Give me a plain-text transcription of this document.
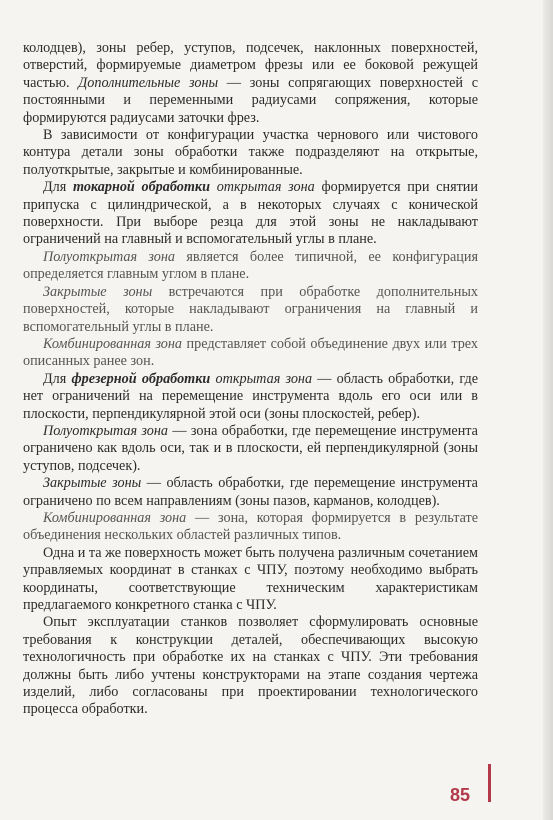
колодцев), зоны ребер, уступов, подсечек, наклонных поверхностей, отверстий, формируемые диаметром фрезы или ее боковой режущей частью. Дополнительные зоны — зоны сопрягающих поверхностей с постоянными и переменными радиусами сопряжения, которые формируются радиусами заточки фрез.

В зависимости от конфигурации участка чернового или чистового контура детали зоны обработки также подразделяют на открытые, полуоткрытые, закрытые и комбинированные.

Для токарной обработки открытая зона формируется при снятии припуска с цилиндрической, а в некоторых случаях с конической поверхности. При выборе резца для этой зоны не накладывают ограничений на главный и вспомогательный углы в плане.

Полуоткрытая зона является более типичной, ее конфигурация определяется главным углом в плане.

Закрытые зоны встречаются при обработке дополнительных поверхностей, которые накладывают ограничения на главный и вспомогательный углы в плане.

Комбинированная зона представляет собой объединение двух или трех описанных ранее зон.

Для фрезерной обработки открытая зона — область обработки, где нет ограничений на перемещение инструмента вдоль его оси или в плоскости, перпендикулярной этой оси (зоны плоскостей, ребер).

Полуоткрытая зона — зона обработки, где перемещение инструмента ограничено как вдоль оси, так и в плоскости, ей перпендикулярной (зоны уступов, подсечек).

Закрытые зоны — область обработки, где перемещение инструмента ограничено по всем направлениям (зоны пазов, карманов, колодцев).

Комбинированная зона — зона, которая формируется в результате объединения нескольких областей различных типов.

Одна и та же поверхность может быть получена различным сочетанием управляемых координат в станках с ЧПУ, поэтому необходимо выбрать координаты, соответствующие техническим характеристикам предлагаемого конкретного станка с ЧПУ.

Опыт эксплуатации станков позволяет сформулировать основные требования к конструкции деталей, обеспечивающих высокую технологичность при обработке их на станках с ЧПУ. Эти требования должны быть либо учтены конструкторами на этапе создания чертежа изделий, либо согласованы при проектировании технологического процесса обработки.

85
